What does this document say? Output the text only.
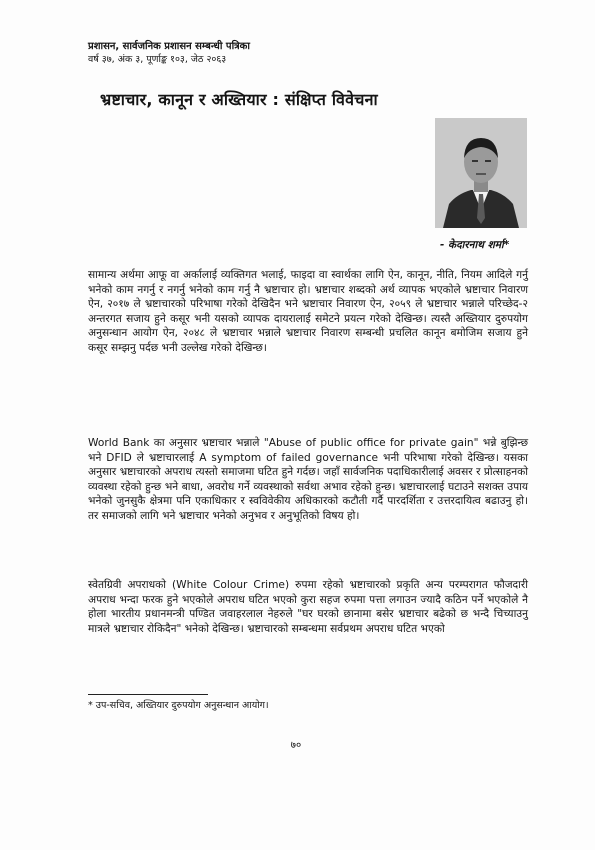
प्रशासन, सार्वजनिक प्रशासन सम्बन्धी पत्रिका
वर्ष ३७, अंक ३, पूर्णाङ्क १०३, जेठ २०६३
भ्रष्टाचार, कानून र अख्तियार : संक्षिप्त विवेचना
- केदारनाथ शर्मा*

सामान्य अर्थमा आफू वा अर्कालाई व्यक्तिगत भलाई, फाइदा वा स्वार्थका लागि ऐन, कानून, नीति, नियम आदिले गर्नु भनेको काम नगर्नु र नगर्नु भनेको काम गर्नु नै भ्रष्टाचार हो। भ्रष्टाचार शब्दको अर्थ व्यापक भएकोले भ्रष्टाचार निवारण ऐन, २०१७ ले भ्रष्टाचारको परिभाषा गरेको देखिदैन भने भ्रष्टाचार निवारण ऐन, २०५९ ले भ्रष्टाचार भन्नाले परिच्छेद-२ अन्तरगत सजाय हुने कसूर भनी यसको व्यापक दायरालाई समेटने प्रयत्न गरेको देखिन्छ। त्यस्तै अख्तियार दुरुपयोग अनुसन्धान आयोग ऐन, २०४८ ले भ्रष्टाचार भन्नाले भ्रष्टाचार निवारण सम्बन्धी प्रचलित कानून बमोजिम सजाय हुने कसूर सम्झनु पर्दछ भनी उल्लेख गरेको देखिन्छ।

World Bank का अनुसार भ्रष्टाचार भन्नाले "Abuse of public office for private gain" भन्ने बुझिन्छ भने DFID ले भ्रष्टाचारलाई A symptom of failed governance भनी परिभाषा गरेको देखिन्छ। यसका अनुसार भ्रष्टाचारको अपराध त्यस्तो समाजमा घटित हुने गर्दछ। जहाँ सार्वजनिक पदाधिकारीलाई अवसर र प्रोत्साहनको व्यवस्था रहेको हुन्छ भने बाधा, अवरोध गर्ने व्यवस्थाको सर्वथा अभाव रहेको हुन्छ। भ्रष्टाचारलाई घटाउने सशक्त उपाय भनेको जुनसुकै क्षेत्रमा पनि एकाधिकार र स्वविवेकीय अधिकारको कटौती गर्दै पारदर्शिता र उत्तरदायित्व बढाउनु हो। तर समाजको लागि भने भ्रष्टाचार भनेको अनुभव र अनुभूतिको विषय हो।

स्वेतग्रिवी अपराधको (White Colour Crime) रुपमा रहेको भ्रष्टाचारको प्रकृति अन्य परम्परागत फौजदारी अपराध भन्दा फरक हुने भएकोले अपराध घटित भएको कुरा सहज रुपमा पत्ता लगाउन ज्यादै कठिन पर्ने भएकोले नै होला भारतीय प्रधानमन्त्री पण्डित जवाहरलाल नेहरुले "घर घरको छानामा बसेर भ्रष्टाचार बढेको छ भन्दै चिच्याउनु मात्रले भ्रष्टाचार रोकिदैन" भनेको देखिन्छ। भ्रष्टाचारको सम्बन्धमा सर्वप्रथम अपराध घटित भएको

* उप-सचिव, अख्तियार दुरुपयोग अनुसन्धान आयोग।
७०
